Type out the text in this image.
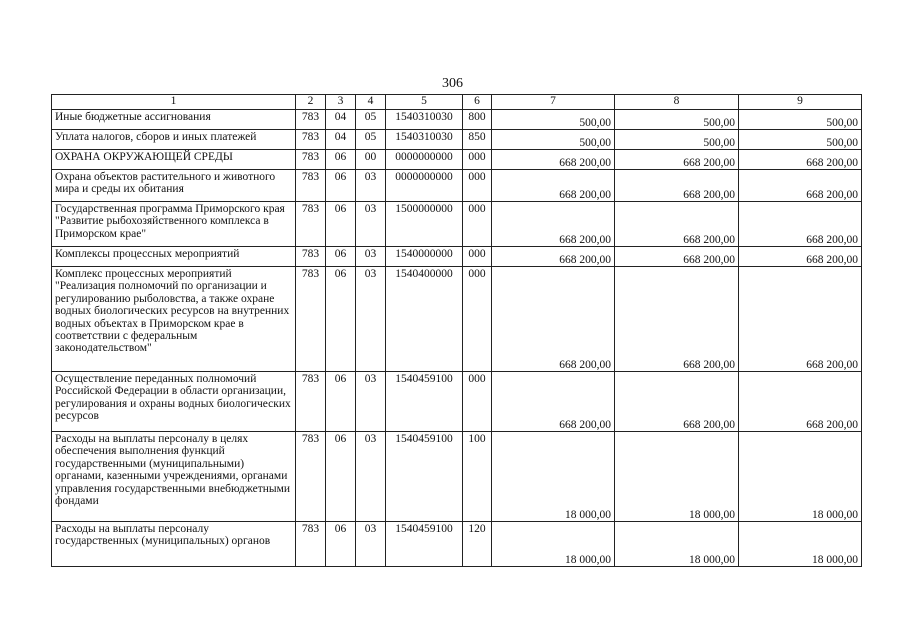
306
1	2	3	4	5	6	7	8	9
Иные бюджетные ассигнования	783	04	05	1540310030	800	500,00	500,00	500,00
Уплата налогов, сборов и иных платежей	783	04	05	1540310030	850	500,00	500,00	500,00
ОХРАНА ОКРУЖАЮЩЕЙ СРЕДЫ	783	06	00	0000000000	000	668 200,00	668 200,00	668 200,00
Охрана объектов растительного и животного мира и среды их обитания	783	06	03	0000000000	000	668 200,00	668 200,00	668 200,00
Государственная программа Приморского края "Развитие рыбохозяйственного комплекса в Приморском крае"	783	06	03	1500000000	000	668 200,00	668 200,00	668 200,00
Комплексы процессных мероприятий	783	06	03	1540000000	000	668 200,00	668 200,00	668 200,00
Комплекс процессных мероприятий "Реализация полномочий по организации и регулированию рыболовства, а также охране водных биологических ресурсов на внутренних водных объектах в Приморском крае в соответствии с федеральным законодательством"	783	06	03	1540400000	000	668 200,00	668 200,00	668 200,00
Осуществление переданных полномочий Российской Федерации в области организации, регулирования и охраны водных биологических ресурсов	783	06	03	1540459100	000	668 200,00	668 200,00	668 200,00
Расходы на выплаты персоналу в целях обеспечения выполнения функций государственными (муниципальными) органами, казенными учреждениями, органами управления государственными внебюджетными фондами	783	06	03	1540459100	100	18 000,00	18 000,00	18 000,00
Расходы на выплаты персоналу государственных (муниципальных) органов	783	06	03	1540459100	120	18 000,00	18 000,00	18 000,00
